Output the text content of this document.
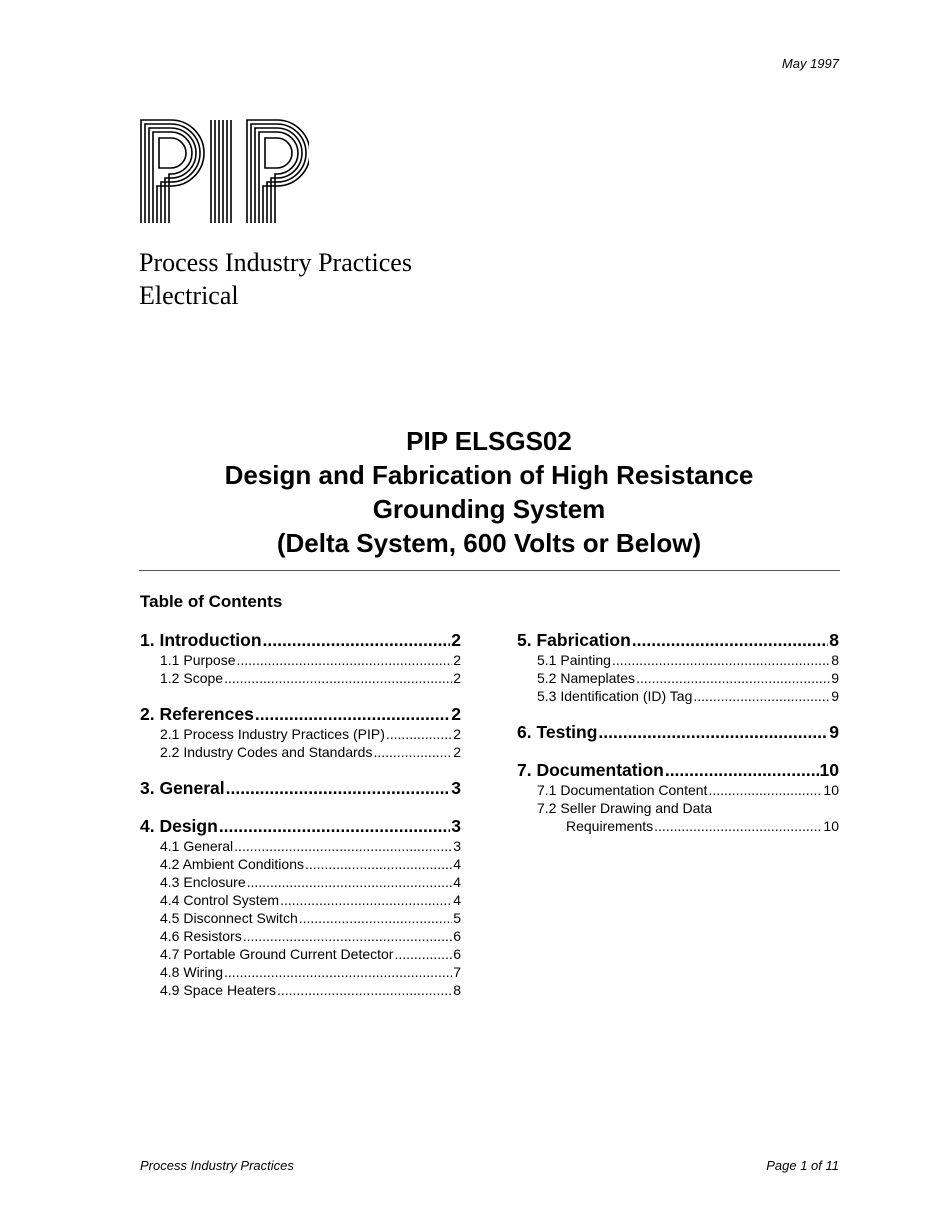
May 1997
Process Industry Practices
Electrical
PIP ELSGS02
Design and Fabrication of High Resistance
Grounding System
(Delta System, 600 Volts or Below)
Table of Contents
1. Introduction .....	2
1.1 Purpose .....	2
1.2 Scope .....	2
2. References .....	2
2.1 Process Industry Practices (PIP) .....	2
2.2 Industry Codes and Standards .....	2
3. General .....	3
4. Design .....	3
4.1 General .....	3
4.2 Ambient Conditions .....	4
4.3 Enclosure .....	4
4.4 Control System .....	4
4.5 Disconnect Switch .....	5
4.6 Resistors .....	6
4.7 Portable Ground Current Detector .....	6
4.8 Wiring .....	7
4.9 Space Heaters .....	8
5. Fabrication .....	8
5.1 Painting .....	8
5.2 Nameplates .....	9
5.3 Identification (ID) Tag .....	9
6. Testing .....	9
7. Documentation .....	10
7.1 Documentation Content .....	10
7.2 Seller Drawing and Data
Requirements .....	10
Process Industry Practices	Page 1 of 11
